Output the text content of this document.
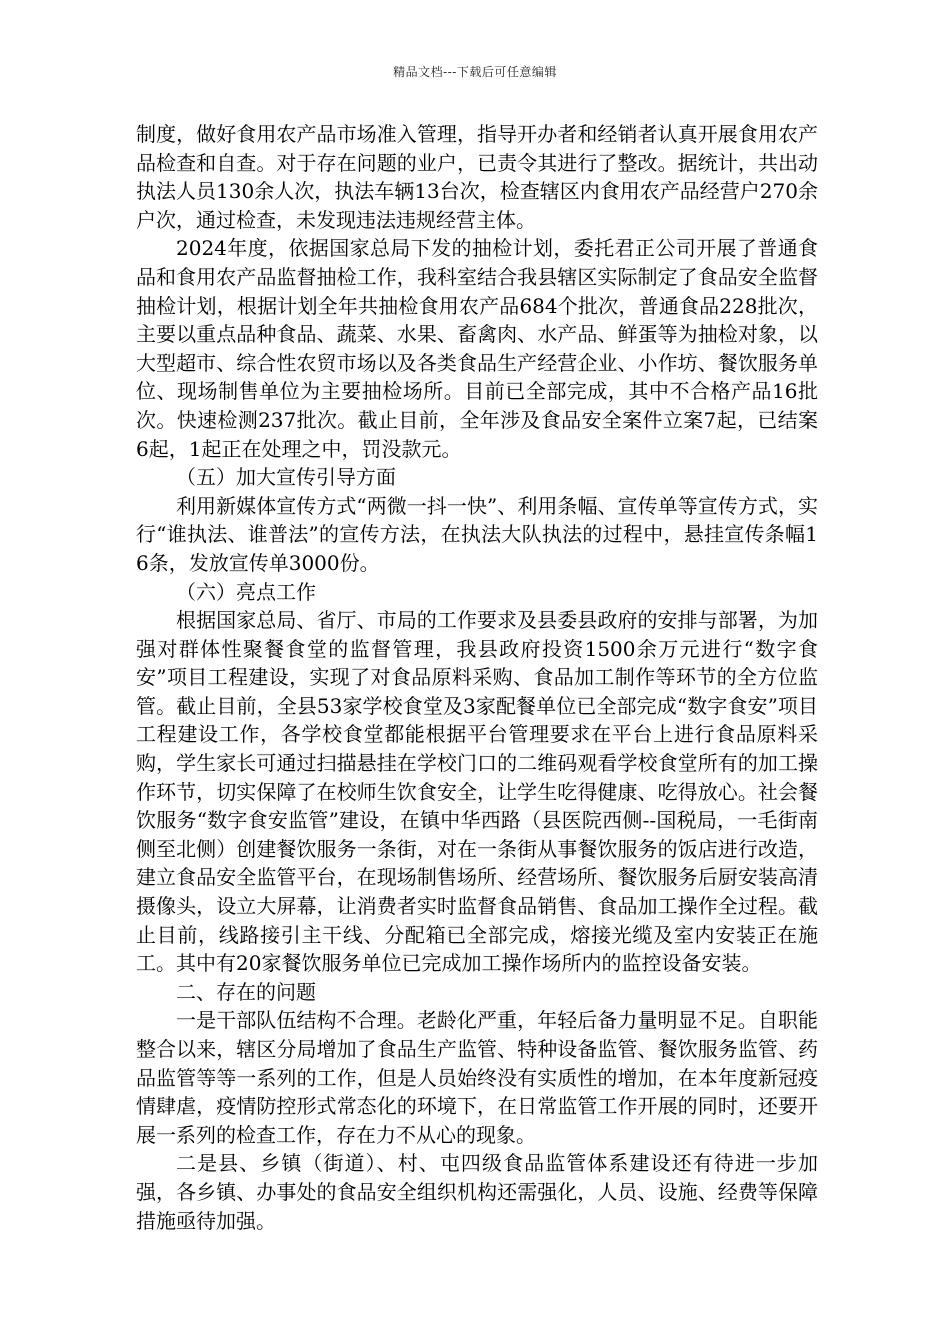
精品文档---下载后可任意编辑

制度，做好食用农产品市场准入管理，指导开办者和经销者认真开展食用农产品检查和自查。对于存在问题的业户，已责令其进行了整改。据统计，共出动执法人员130余人次，执法车辆13台次，检查辖区内食用农产品经营户270余户次，通过检查，未发现违法违规经营主体。

2024年度，依据国家总局下发的抽检计划，委托君正公司开展了普通食品和食用农产品监督抽检工作，我科室结合我县辖区实际制定了食品安全监督抽检计划，根据计划全年共抽检食用农产品684个批次，普通食品228批次，主要以重点品种食品、蔬菜、水果、畜禽肉、水产品、鲜蛋等为抽检对象，以大型超市、综合性农贸市场以及各类食品生产经营企业、小作坊、餐饮服务单位、现场制售单位为主要抽检场所。目前已全部完成，其中不合格产品16批次。快速检测237批次。截止目前，全年涉及食品安全案件立案7起，已结案6起，1起正在处理之中，罚没款元。

（五）加大宣传引导方面

利用新媒体宣传方式“两微一抖一快”、利用条幅、宣传单等宣传方式，实行“谁执法、谁普法”的宣传方法，在执法大队执法的过程中，悬挂宣传条幅16条，发放宣传单3000份。

（六）亮点工作

根据国家总局、省厅、市局的工作要求及县委县政府的安排与部署，为加强对群体性聚餐食堂的监督管理，我县政府投资1500余万元进行“数字食安”项目工程建设，实现了对食品原料采购、食品加工制作等环节的全方位监管。截止目前，全县53家学校食堂及3家配餐单位已全部完成“数字食安”项目工程建设工作，各学校食堂都能根据平台管理要求在平台上进行食品原料采购，学生家长可通过扫描悬挂在学校门口的二维码观看学校食堂所有的加工操作环节，切实保障了在校师生饮食安全，让学生吃得健康、吃得放心。社会餐饮服务“数字食安监管”建设，在镇中华西路（县医院西侧--国税局，一毛街南侧至北侧）创建餐饮服务一条街，对在一条街从事餐饮服务的饭店进行改造，建立食品安全监管平台，在现场制售场所、经营场所、餐饮服务后厨安装高清摄像头，设立大屏幕，让消费者实时监督食品销售、食品加工操作全过程。截止目前，线路接引主干线、分配箱已全部完成，熔接光缆及室内安装正在施工。其中有20家餐饮服务单位已完成加工操作场所内的监控设备安装。

二、存在的问题

一是干部队伍结构不合理。老龄化严重，年轻后备力量明显不足。自职能整合以来，辖区分局增加了食品生产监管、特种设备监管、餐饮服务监管、药品监管等等一系列的工作，但是人员始终没有实质性的增加，在本年度新冠疫情肆虐，疫情防控形式常态化的环境下，在日常监管工作开展的同时，还要开展一系列的检查工作，存在力不从心的现象。

二是县、乡镇（街道）、村、屯四级食品监管体系建设还有待进一步加强，各乡镇、办事处的食品安全组织机构还需强化，人员、设施、经费等保障措施亟待加强。
